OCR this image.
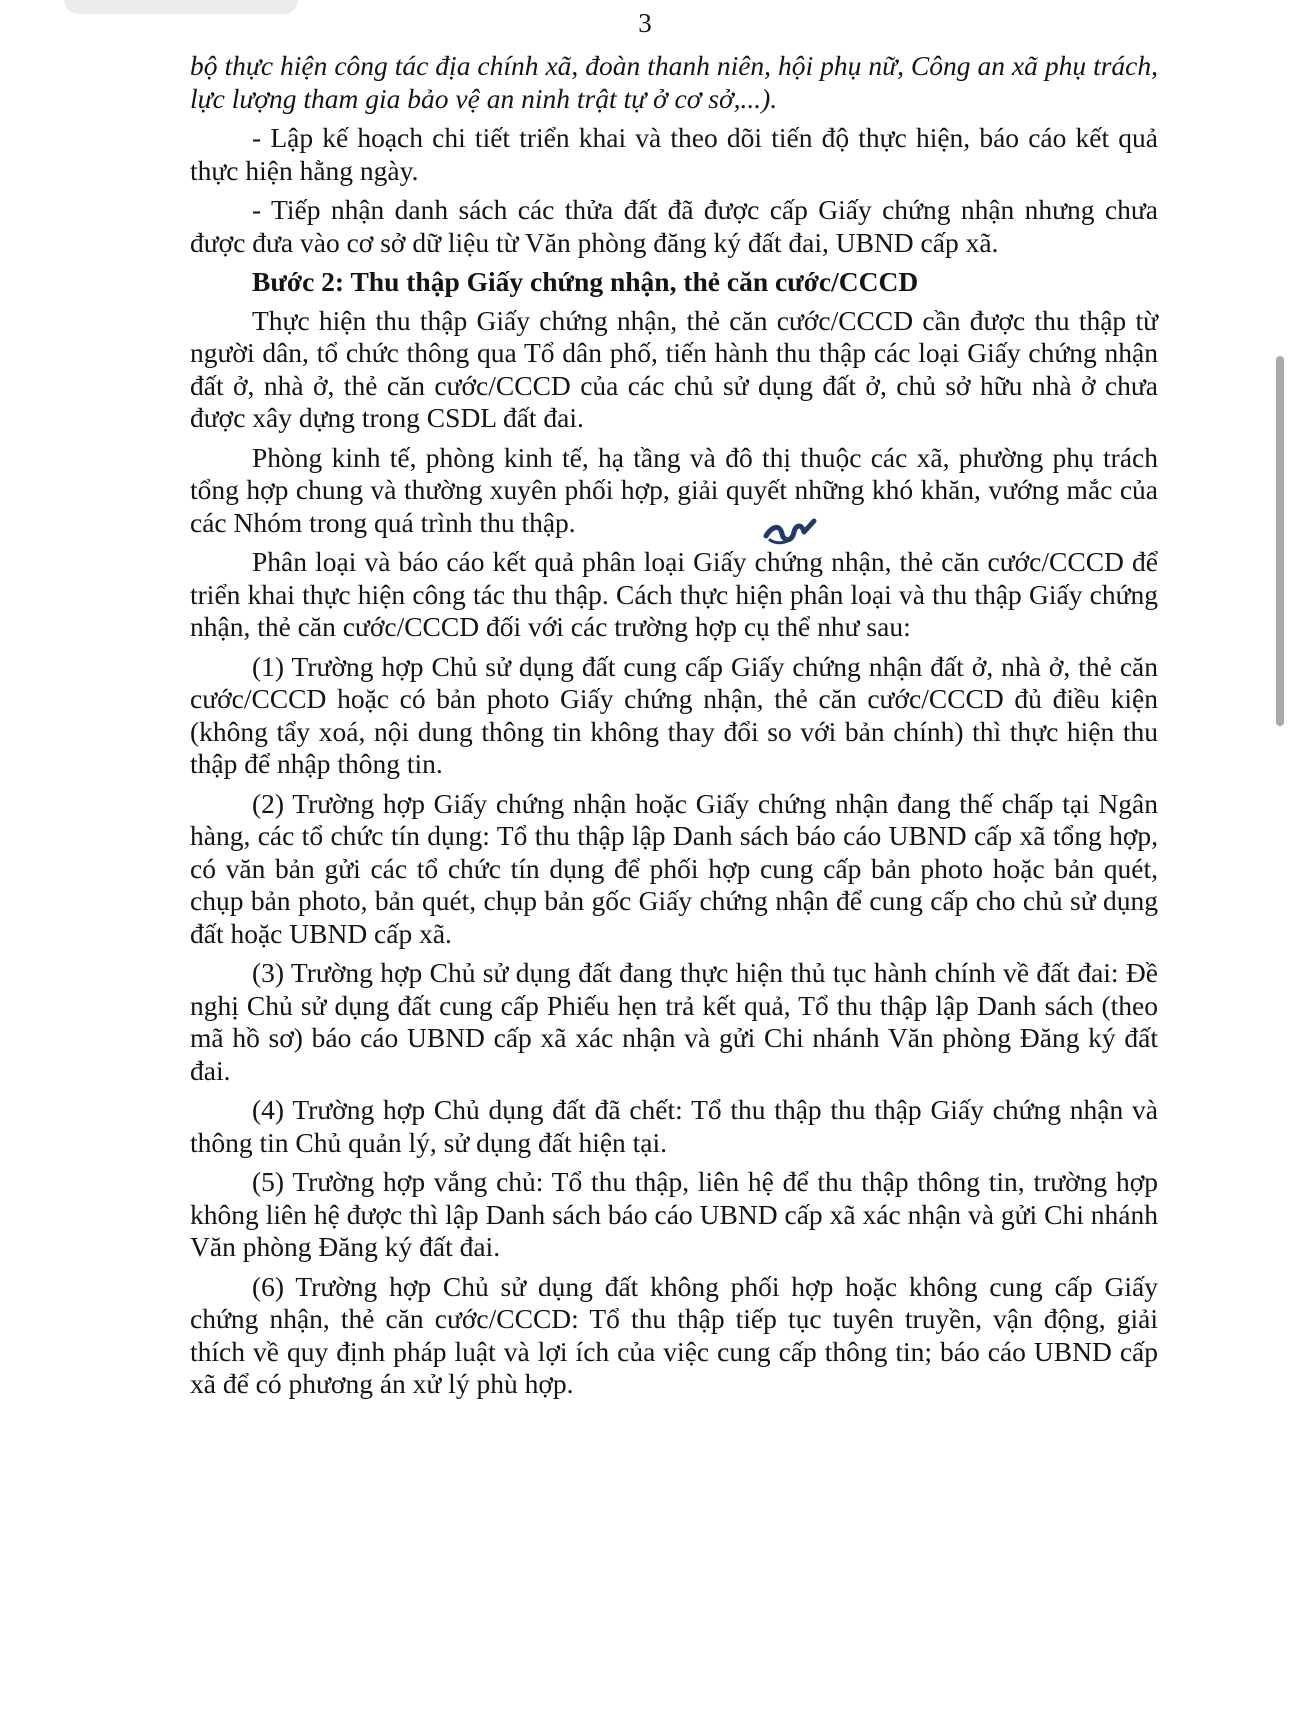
3

bộ thực hiện công tác địa chính xã, đoàn thanh niên, hội phụ nữ, Công an xã phụ trách, lực lượng tham gia bảo vệ an ninh trật tự ở cơ sở,...).

- Lập kế hoạch chi tiết triển khai và theo dõi tiến độ thực hiện, báo cáo kết quả thực hiện hằng ngày.

- Tiếp nhận danh sách các thửa đất đã được cấp Giấy chứng nhận nhưng chưa được đưa vào cơ sở dữ liệu từ Văn phòng đăng ký đất đai, UBND cấp xã.

Bước 2: Thu thập Giấy chứng nhận, thẻ căn cước/CCCD

Thực hiện thu thập Giấy chứng nhận, thẻ căn cước/CCCD cần được thu thập từ người dân, tổ chức thông qua Tổ dân phố, tiến hành thu thập các loại Giấy chứng nhận đất ở, nhà ở, thẻ căn cước/CCCD của các chủ sử dụng đất ở, chủ sở hữu nhà ở chưa được xây dựng trong CSDL đất đai.

Phòng kinh tế, phòng kinh tế, hạ tầng và đô thị thuộc các xã, phường phụ trách tổng hợp chung và thường xuyên phối hợp, giải quyết những khó khăn, vướng mắc của các Nhóm trong quá trình thu thập.

Phân loại và báo cáo kết quả phân loại Giấy chứng nhận, thẻ căn cước/CCCD để triển khai thực hiện công tác thu thập. Cách thực hiện phân loại và thu thập Giấy chứng nhận, thẻ căn cước/CCCD đối với các trường hợp cụ thể như sau:

(1) Trường hợp Chủ sử dụng đất cung cấp Giấy chứng nhận đất ở, nhà ở, thẻ căn cước/CCCD hoặc có bản photo Giấy chứng nhận, thẻ căn cước/CCCD đủ điều kiện (không tẩy xoá, nội dung thông tin không thay đổi so với bản chính) thì thực hiện thu thập để nhập thông tin.

(2) Trường hợp Giấy chứng nhận hoặc Giấy chứng nhận đang thế chấp tại Ngân hàng, các tổ chức tín dụng: Tổ thu thập lập Danh sách báo cáo UBND cấp xã tổng hợp, có văn bản gửi các tổ chức tín dụng để phối hợp cung cấp bản photo hoặc bản quét, chụp bản photo, bản quét, chụp bản gốc Giấy chứng nhận để cung cấp cho chủ sử dụng đất hoặc UBND cấp xã.

(3) Trường hợp Chủ sử dụng đất đang thực hiện thủ tục hành chính về đất đai: Đề nghị Chủ sử dụng đất cung cấp Phiếu hẹn trả kết quả, Tổ thu thập lập Danh sách (theo mã hồ sơ) báo cáo UBND cấp xã xác nhận và gửi Chi nhánh Văn phòng Đăng ký đất đai.

(4) Trường hợp Chủ dụng đất đã chết: Tổ thu thập thu thập Giấy chứng nhận và thông tin Chủ quản lý, sử dụng đất hiện tại.

(5) Trường hợp vắng chủ: Tổ thu thập, liên hệ để thu thập thông tin, trường hợp không liên hệ được thì lập Danh sách báo cáo UBND cấp xã xác nhận và gửi Chi nhánh Văn phòng Đăng ký đất đai.

(6) Trường hợp Chủ sử dụng đất không phối hợp hoặc không cung cấp Giấy chứng nhận, thẻ căn cước/CCCD: Tổ thu thập tiếp tục tuyên truyền, vận động, giải thích về quy định pháp luật và lợi ích của việc cung cấp thông tin; báo cáo UBND cấp xã để có phương án xử lý phù hợp.
